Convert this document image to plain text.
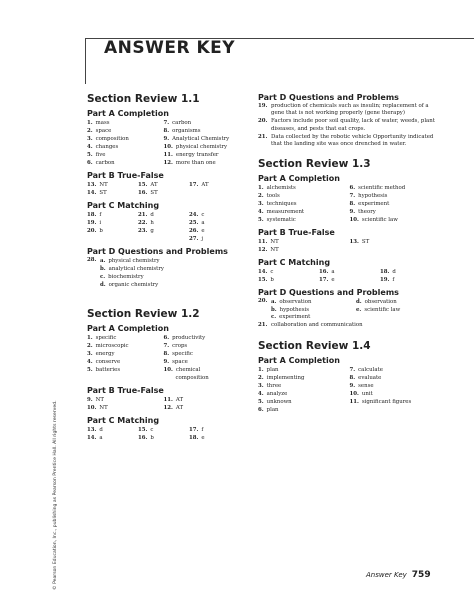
ANSWER KEY
© Pearson Education, Inc., publishing as Pearson Prentice Hall. All rights reserved.
Section Review 1.1
Part A Completion
1. mass	7. carbon
2. space	8. organisms
3. composition	9. Analytical Chemistry
4. changes	10. physical chemistry
5. five	11. energy transfer
6. carbon	12. more than one
Part B True-False
13. NT	15. AT	17. AT
14. ST	16. ST
Part C Matching
18. f	21. d	24. c
19. i	22. h	25. a
20. b	23. g	26. e
27. j
Part D Questions and Problems
28. a. physical chemistry
b. analytical chemistry
c. biochemistry
d. organic chemistry
Section Review 1.2
Part A Completion
1. specific	6. productivity
2. microscopic	7. crops
3. energy	8. specific
4. conserve	9. space
5. batteries	10. chemical
composition
Part B True-False
9. NT	11. AT
10. NT	12. AT
Part C Matching
13. d	15. c	17. f
14. a	16. b	18. e
Part D Questions and Problems
19. production of chemicals such as insulin; replacement of a gene that is not working properly (gene therapy)
20. Factors include poor soil quality, lack of water, weeds, plant diseases, and pests that eat crops.
21. Data collected by the robotic vehicle Opportunity indicated that the landing site was once drenched in water.
Section Review 1.3
Part A Completion
1. alchemists	6. scientific method
2. tools	7. hypothesis
3. techniques	8. experiment
4. measurement	9. theory
5. systematic	10. scientific law
Part B True-False
11. NT	13. ST
12. NT
Part C Matching
14. c	16. a	18. d
15. b	17. e	19. f
Part D Questions and Problems
20. a. observation	d. observation
b. hypothesis	e. scientific law
c. experiment
21. collaboration and communication
Section Review 1.4
Part A Completion
1. plan	7. calculate
2. implementing	8. evaluate
3. three	9. sense
4. analyze	10. unit
5. unknown	11. significant figures
6. plan
Answer Key 759
